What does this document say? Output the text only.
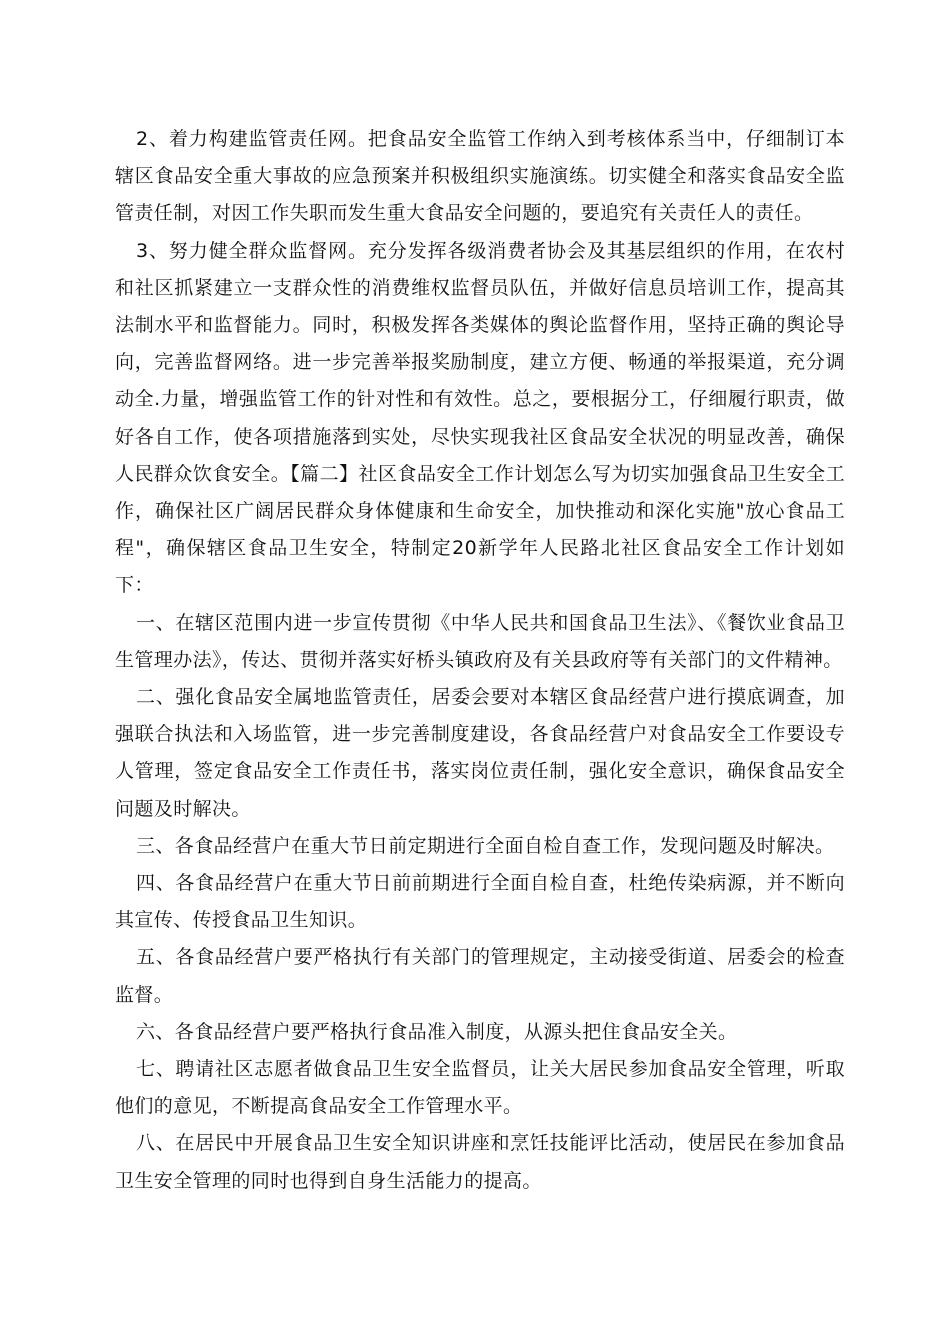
2、着力构建监管责任网。把食品安全监管工作纳入到考核体系当中，仔细制订本辖区食品安全重大事故的应急预案并积极组织实施演练。切实健全和落实食品安全监管责任制，对因工作失职而发生重大食品安全问题的，要追究有关责任人的责任。

3、努力健全群众监督网。充分发挥各级消费者协会及其基层组织的作用，在农村和社区抓紧建立一支群众性的消费维权监督员队伍，并做好信息员培训工作，提高其法制水平和监督能力。同时，积极发挥各类媒体的舆论监督作用，坚持正确的舆论导向，完善监督网络。进一步完善举报奖励制度，建立方便、畅通的举报渠道，充分调动全.力量，增强监管工作的针对性和有效性。总之，要根据分工，仔细履行职责，做好各自工作，使各项措施落到实处，尽快实现我社区食品安全状况的明显改善，确保人民群众饮食安全。【篇二】社区食品安全工作计划怎么写为切实加强食品卫生安全工作，确保社区广阔居民群众身体健康和生命安全，加快推动和深化实施"放心食品工程"，确保辖区食品卫生安全，特制定20新学年人民路北社区食品安全工作计划如下：

一、在辖区范围内进一步宣传贯彻《中华人民共和国食品卫生法》、《餐饮业食品卫生管理办法》，传达、贯彻并落实好桥头镇政府及有关县政府等有关部门的文件精神。

二、强化食品安全属地监管责任，居委会要对本辖区食品经营户进行摸底调查，加强联合执法和入场监管，进一步完善制度建设，各食品经营户对食品安全工作要设专人管理，签定食品安全工作责任书，落实岗位责任制，强化安全意识，确保食品安全问题及时解决。

三、各食品经营户在重大节日前定期进行全面自检自查工作，发现问题及时解决。

四、各食品经营户在重大节日前前期进行全面自检自查，杜绝传染病源，并不断向其宣传、传授食品卫生知识。

五、各食品经营户要严格执行有关部门的管理规定，主动接受街道、居委会的检查监督。

六、各食品经营户要严格执行食品准入制度，从源头把住食品安全关。

七、聘请社区志愿者做食品卫生安全监督员，让关大居民参加食品安全管理，听取他们的意见，不断提高食品安全工作管理水平。

八、在居民中开展食品卫生安全知识讲座和烹饪技能评比活动，使居民在参加食品卫生安全管理的同时也得到自身生活能力的提高。
